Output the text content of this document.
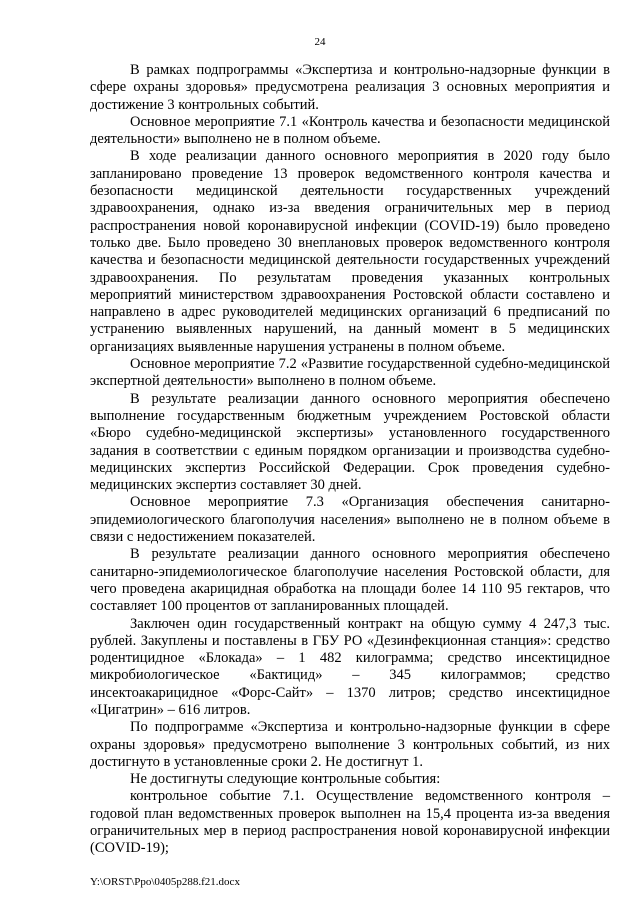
24

В рамках подпрограммы «Экспертиза и контрольно-надзорные функции в сфере охраны здоровья» предусмотрена реализация 3 основных мероприятия и достижение 3 контрольных событий.

Основное мероприятие 7.1 «Контроль качества и безопасности медицинской деятельности» выполнено не в полном объеме.

В ходе реализации данного основного мероприятия в 2020 году было запланировано проведение 13 проверок ведомственного контроля качества и безопасности медицинской деятельности государственных учреждений здравоохранения, однако из-за введения ограничительных мер в период распространения новой коронавирусной инфекции (COVID-19) было проведено только две. Было проведено 30 внеплановых проверок ведомственного контроля качества и безопасности медицинской деятельности государственных учреждений здравоохранения. По результатам проведения указанных контрольных мероприятий министерством здравоохранения Ростовской области составлено и направлено в адрес руководителей медицинских организаций 6 предписаний по устранению выявленных нарушений, на данный момент в 5 медицинских организациях выявленные нарушения устранены в полном объеме.

Основное мероприятие 7.2 «Развитие государственной судебно-медицинской экспертной деятельности» выполнено в полном объеме.

В результате реализации данного основного мероприятия обеспечено выполнение государственным бюджетным учреждением Ростовской области «Бюро судебно-медицинской экспертизы» установленного государственного задания в соответствии с единым порядком организации и производства судебно-медицинских экспертиз Российской Федерации. Срок проведения судебно-медицинских экспертиз составляет 30 дней.

Основное мероприятие 7.3 «Организация обеспечения санитарно-эпидемиологического благополучия населения» выполнено не в полном объеме в связи с недостижением показателей.

В результате реализации данного основного мероприятия обеспечено санитарно-эпидемиологическое благополучие населения Ростовской области, для чего проведена акарицидная обработка на площади более 14 110 95 гектаров, что составляет 100 процентов от запланированных площадей.

Заключен один государственный контракт на общую сумму 4 247,3 тыс. рублей. Закуплены и поставлены в ГБУ РО «Дезинфекционная станция»: средство родентицидное «Блокада» – 1 482 килограмма; средство инсектицидное микробиологическое «Бактицид» – 345 килограммов; средство инсектоакарицидное «Форс-Сайт» – 1370 литров; средство инсектицидное «Цигатрин» – 616 литров.

По подпрограмме «Экспертиза и контрольно-надзорные функции в сфере охраны здоровья» предусмотрено выполнение 3 контрольных событий, из них достигнуто в установленные сроки 2. Не достигнут 1.

Не достигнуты следующие контрольные события:

контрольное событие 7.1. Осуществление ведомственного контроля – годовой план ведомственных проверок выполнен на 15,4 процента из-за введения ограничительных мер в период распространения новой коронавирусной инфекции (COVID-19);

Y:\ORST\Ppo\0405p288.f21.docx
